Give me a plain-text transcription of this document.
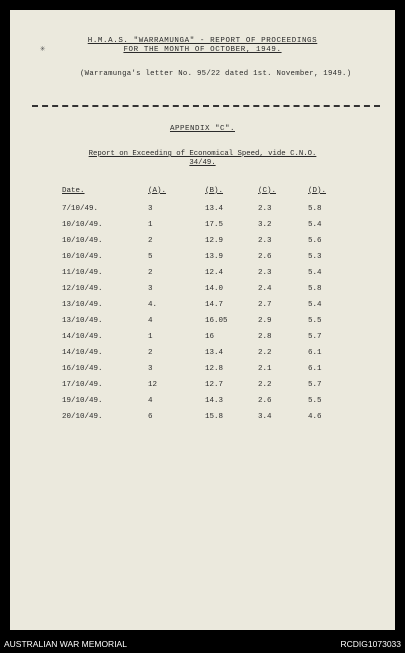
✳
H.M.A.S. "WARRAMUNGA" - REPORT OF PROCEEDINGS
FOR THE MONTH OF OCTOBER, 1949.
(Warramunga's letter No. 95/22 dated 1st. November, 1949.)
APPENDIX "C".
Report on Exceeding of Economical Speed, vide C.N.O.
34/49.
Date.	(A).	(B).	(C).	(D).
7/10/49.	3	13.4	2.3	5.8
10/10/49.	1	17.5	3.2	5.4
10/10/49.	2	12.9	2.3	5.6
10/10/49.	5	13.9	2.6	5.3
11/10/49.	2	12.4	2.3	5.4
12/10/49.	3	14.0	2.4	5.8
13/10/49.	4.	14.7	2.7	5.4
13/10/49.	4	16.05	2.9	5.5
14/10/49.	1	16	2.8	5.7
14/10/49.	2	13.4	2.2	6.1
16/10/49.	3	12.8	2.1	6.1
17/10/49.	12	12.7	2.2	5.7
19/10/49.	4	14.3	2.6	5.5
20/10/49.	6	15.8	3.4	4.6
AUSTRALIAN WAR MEMORIAL	RCDIG1073033
